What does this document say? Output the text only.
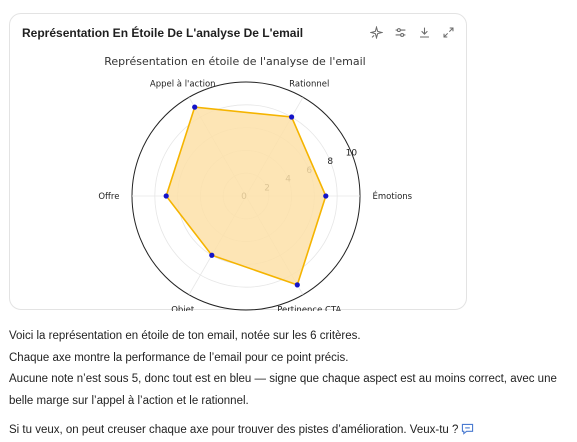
Représentation En Étoile De L'analyse De L'email
Représentation en étoile de l'analyse de l'email
8
10
Rationnel
Émotions
Pertinence CTA
Objet
Offre
Appel à l'action

Voici la représentation en étoile de ton email, notée sur les 6 critères.

Chaque axe montre la performance de l’email pour ce point précis.

Aucune note n’est sous 5, donc tout est en bleu — signe que chaque aspect est au moins correct, avec une belle marge sur l’appel à l’action et le rationnel.

Si tu veux, on peut creuser chaque axe pour trouver des pistes d’amélioration. Veux-tu ?
